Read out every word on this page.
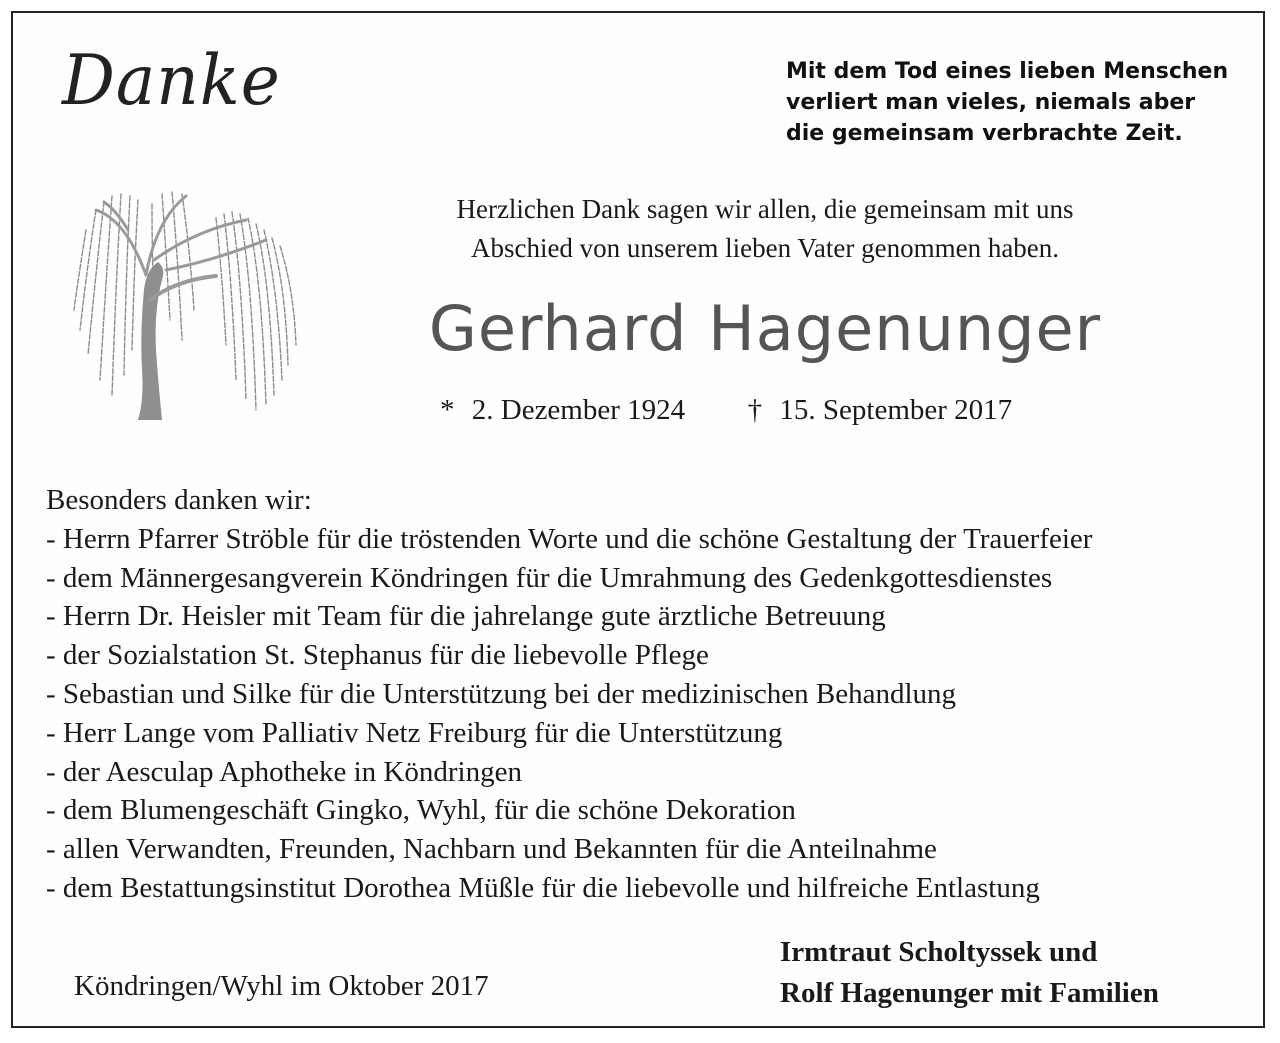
Danke	Mit dem Tod eines lieben Menschen
verliert man vieles, niemals aber
die gemeinsam verbrachte Zeit.
Herzlichen Dank sagen wir allen, die gemeinsam mit uns
Abschied von unserem lieben Vater genommen haben.
Gerhard Hagenunger
* 2. Dezember 1924 † 15. September 2017
Besonders danken wir:
- Herrn Pfarrer Ströble für die tröstenden Worte und die schöne Gestaltung der Trauerfeier
- dem Männergesangverein Köndringen für die Umrahmung des Gedenkgottesdienstes
- Herrn Dr. Heisler mit Team für die jahrelange gute ärztliche Betreuung
- der Sozialstation St. Stephanus für die liebevolle Pflege
- Sebastian und Silke für die Unterstützung bei der medizinischen Behandlung
- Herr Lange vom Palliativ Netz Freiburg für die Unterstützung
- der Aesculap Aphotheke in Köndringen
- dem Blumengeschäft Gingko, Wyhl, für die schöne Dekoration
- allen Verwandten, Freunden, Nachbarn und Bekannten für die Anteilnahme
- dem Bestattungsinstitut Dorothea Müßle für die liebevolle und hilfreiche Entlastung
Köndringen/Wyhl im Oktober 2017
Irmtraut Scholtyssek und
Rolf Hagenunger mit Familien
